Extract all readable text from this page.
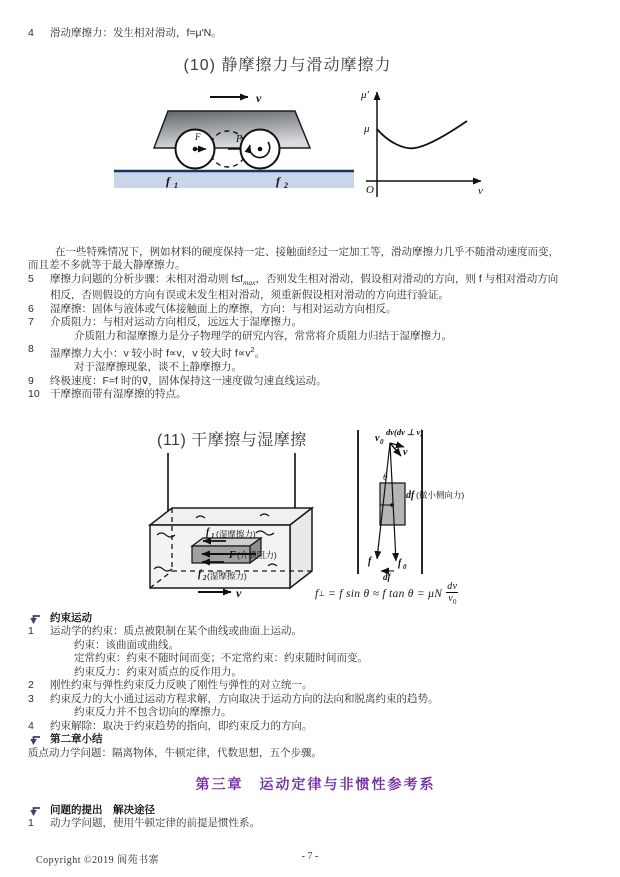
4	滑动摩擦力：发生相对滑动，f=μ′N。
(10) 静摩擦力与滑动摩擦力
v
F	F
f 1	f 2
μ′
μ
O	v
在一些特殊情况下，例如材料的硬度保持一定、接触面经过一定加工等，滑动摩擦力几乎不随滑动速度而变，
而且差不多就等于最大静摩擦力。
5	摩擦力问题的分析步骤：未相对滑动则 $f\le f_{max}$，否则发生相对滑动，假设相对滑动的方向，则 f 与相对滑动方向
相反，否则假设的方向有误或未发生相对滑动，须重新假设相对滑动的方向进行验证。
6	湿摩擦：固体与液体或气体接触面上的摩擦，方向：与相对运动方向相反。
7	介质阻力：与相对运动方向相反，远远大于湿摩擦力。
介质阻力和湿摩擦力是分子物理学的研究内容，常常将介质阻力归结于湿摩擦力。
8	湿摩擦力大小：v 较小时 f∝v，v 较大时 $f\propto v^2$。
对于湿摩擦现象，谈不上静摩擦力。
9	终极速度：F=f 时的v⃗，固体保持这一速度做匀速直线运动。
10 干摩擦而带有湿摩擦的特点。
(11) 干摩擦与湿摩擦
f 1 (湿摩擦力)
F (介质阻力)
f 2 (湿摩擦力)
v
v 0
dv(dv ⊥ v)
v
θ
df (微小侧向力)
f	f 0
df
f ⊥ = f sin θ ≈ f tan θ = μN $\frac{dv}{v_0}$
约束运动
1	运动学的约束：质点被限制在某个曲线或曲面上运动。
约束：该曲面或曲线。
定常约束：约束不随时间而变；不定常约束：约束随时间而变。
约束反力：约束对质点的反作用力。
2	刚性约束与弹性约束反力反映了刚性与弹性的对立统一。
3	约束反力的大小通过运动方程求解，方向取决于运动方向的法向和脱离约束的趋势。
约束反力并不包含切向的摩擦力。
4	约束解除：取决于约束趋势的指向，即约束反力的方向。
第二章小结
质点动力学问题：隔离物体，牛顿定律，代数思想，五个步骤。
第三章　运动定律与非惯性参考系
问题的提出　解决途径
1	动力学问题，使用牛顿定律的前提是惯性系。
- 7 -
Copyright ©2019 阆苑书寨
